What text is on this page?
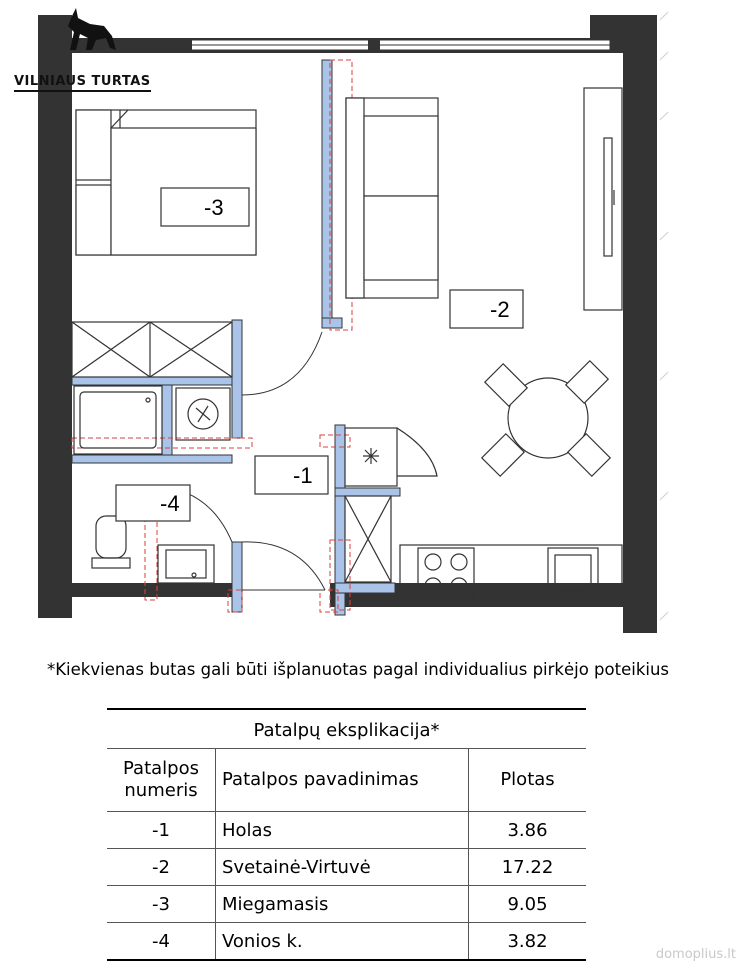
VILNIAUS TURTAS
-3
-2
-1
-4
*Kiekvienas butas gali būti išplanuotas pagal individualius pirkėjo poteikius
Patalpų eksplikacija*		
Patalpos numeris	Patalpos pavadinimas	Plotas
-1	Holas	3.86
-2	Svetainė-Virtuvė	17.22
-3	Miegamasis	9.05
-4	Vonios k.	3.82
domoplius.lt
